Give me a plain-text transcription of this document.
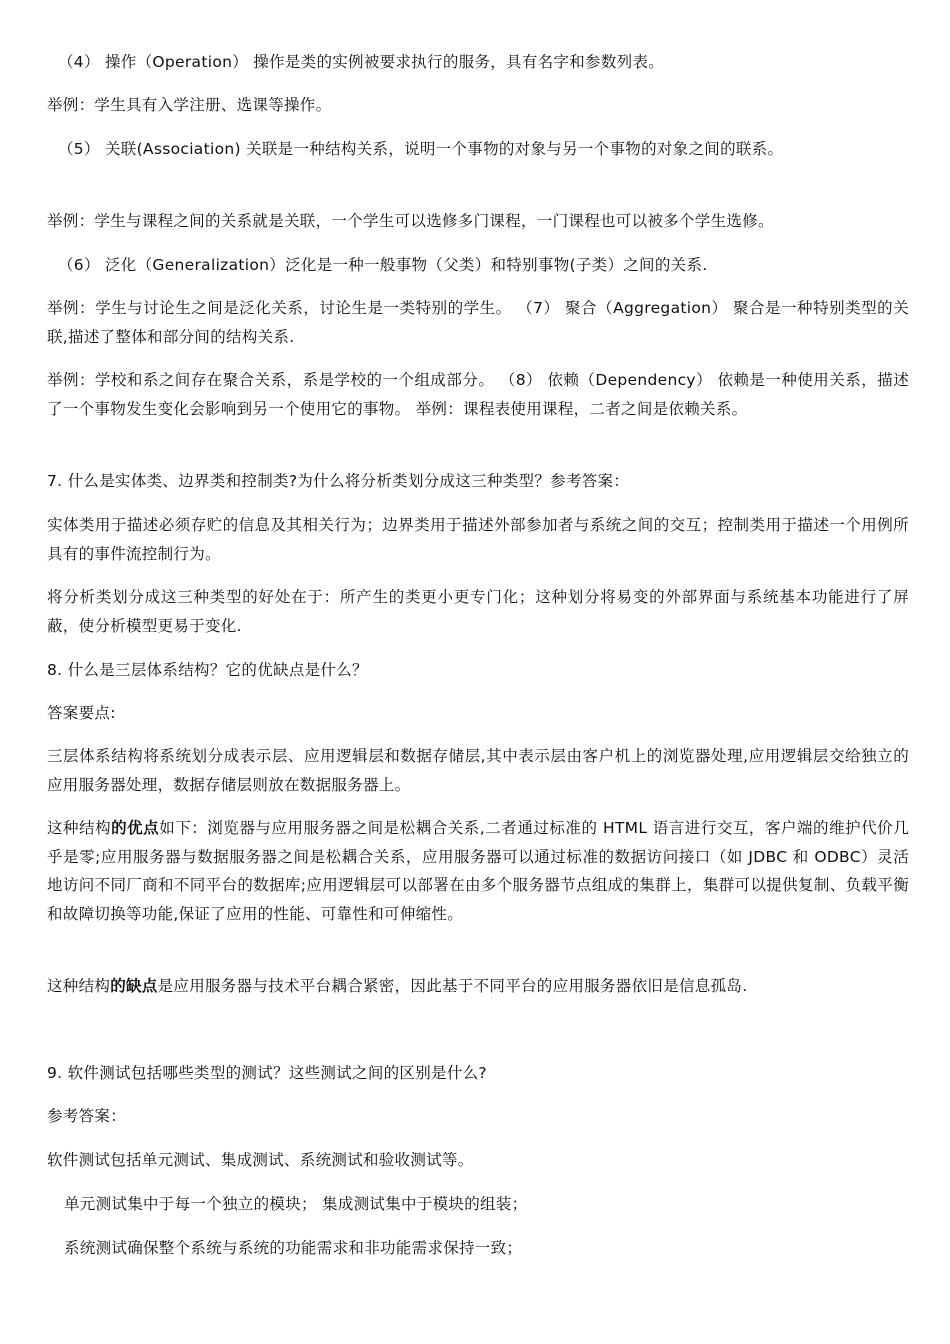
（4） 操作（Operation） 操作是类的实例被要求执行的服务，具有名字和参数列表。
举例：学生具有入学注册、选课等操作。
（5） 关联(Association) 关联是一种结构关系，说明一个事物的对象与另一个事物的对象之间的联系。
举例：学生与课程之间的关系就是关联，一个学生可以选修多门课程，一门课程也可以被多个学生选修。
（6） 泛化（Generalization）泛化是一种一般事物（父类）和特别事物(子类）之间的关系.
举例：学生与讨论生之间是泛化关系，讨论生是一类特别的学生。 （7） 聚合（Aggregation） 聚合是一种特别类型的关联,描述了整体和部分间的结构关系.
举例：学校和系之间存在聚合关系，系是学校的一个组成部分。 （8） 依赖（Dependency） 依赖是一种使用关系，描述了一个事物发生变化会影响到另一个使用它的事物。 举例：课程表使用课程，二者之间是依赖关系。
7. 什么是实体类、边界类和控制类?为什么将分析类划分成这三种类型？参考答案：
实体类用于描述必须存贮的信息及其相关行为；边界类用于描述外部参加者与系统之间的交互；控制类用于描述一个用例所具有的事件流控制行为。
将分析类划分成这三种类型的好处在于：所产生的类更小更专门化；这种划分将易变的外部界面与系统基本功能进行了屏蔽，使分析模型更易于变化.
8. 什么是三层体系结构？它的优缺点是什么？
答案要点:
三层体系结构将系统划分成表示层、应用逻辑层和数据存储层,其中表示层由客户机上的浏览器处理,应用逻辑层交给独立的应用服务器处理，数据存储层则放在数据服务器上。
这种结构的优点如下：浏览器与应用服务器之间是松耦合关系,二者通过标准的 HTML 语言进行交互，客户端的维护代价几乎是零;应用服务器与数据服务器之间是松耦合关系，应用服务器可以通过标准的数据访问接口（如 JDBC 和 ODBC）灵活地访问不同厂商和不同平台的数据库;应用逻辑层可以部署在由多个服务器节点组成的集群上，集群可以提供复制、负载平衡和故障切换等功能,保证了应用的性能、可靠性和可伸缩性。
这种结构的缺点是应用服务器与技术平台耦合紧密，因此基于不同平台的应用服务器依旧是信息孤岛.
9. 软件测试包括哪些类型的测试？这些测试之间的区别是什么?
参考答案：
软件测试包括单元测试、集成测试、系统测试和验收测试等。
单元测试集中于每一个独立的模块； 集成测试集中于模块的组装；
系统测试确保整个系统与系统的功能需求和非功能需求保持一致；
